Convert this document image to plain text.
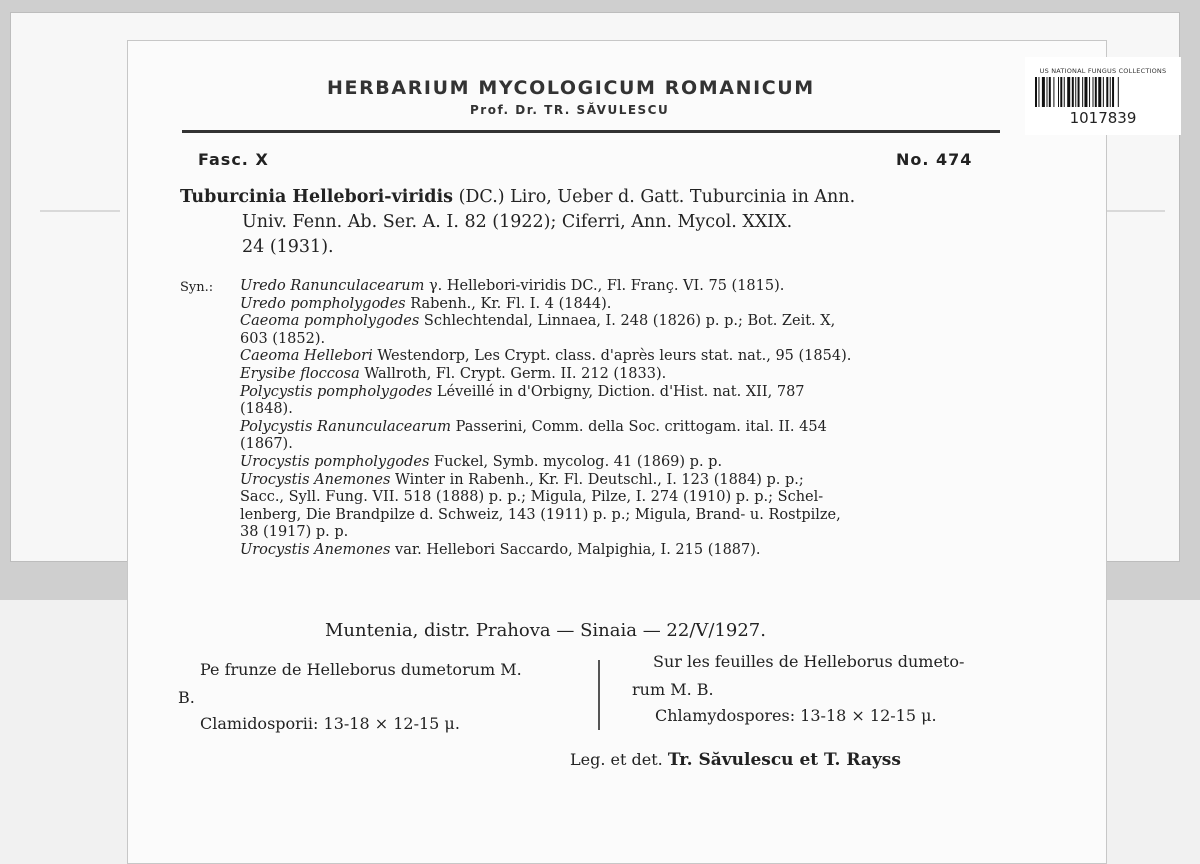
US NATIONAL FUNGUS COLLECTIONS
1017839
HERBARIUM MYCOLOGICUM ROMANICUM
Prof. Dr. TR. SĂVULESCU
Fasc. X	No. 474
Tuburcinia Hellebori-viridis (DC.) Liro, Ueber d. Gatt. Tuburcinia in Ann.
Univ. Fenn. Ab. Ser. A. I. 82 (1922); Ciferri, Ann. Mycol. XXIX.
24 (1931).
Syn.: Uredo Ranunculacearum γ. Hellebori-viridis DC., Fl. Franç. VI. 75 (1815).
Uredo pompholygodes Rabenh., Kr. Fl. I. 4 (1844).
Caeoma pompholygodes Schlechtendal, Linnaea, I. 248 (1826) p. p.; Bot. Zeit. X,
603 (1852).
Caeoma Hellebori Westendorp, Les Crypt. class. d'après leurs stat. nat., 95 (1854).
Erysibe floccosa Wallroth, Fl. Crypt. Germ. II. 212 (1833).
Polycystis pompholygodes Léveillé in d'Orbigny, Diction. d'Hist. nat. XII, 787
(1848).
Polycystis Ranunculacearum Passerini, Comm. della Soc. crittogam. ital. II. 454
(1867).
Urocystis pompholygodes Fuckel, Symb. mycolog. 41 (1869) p. p.
Urocystis Anemones Winter in Rabenh., Kr. Fl. Deutschl., I. 123 (1884) p. p.;
Sacc., Syll. Fung. VII. 518 (1888) p. p.; Migula, Pilze, I. 274 (1910) p. p.; Schel-
lenberg, Die Brandpilze d. Schweiz, 143 (1911) p. p.; Migula, Brand- u. Rostpilze,
38 (1917) p. p.
Urocystis Anemones var. Hellebori Saccardo, Malpighia, I. 215 (1887).
Muntenia, distr. Prahova — Sinaia — 22/V/1927.
Pe frunze de Helleborus dumetorum M.
B.
Clamidosporii: 13-18 × 12-15 μ.
Sur les feuilles de Helleborus dumeto-
rum M. B.
Chlamydospores: 13-18 × 12-15 μ.
Leg. et det. Tr. Săvulescu et T. Rayss
